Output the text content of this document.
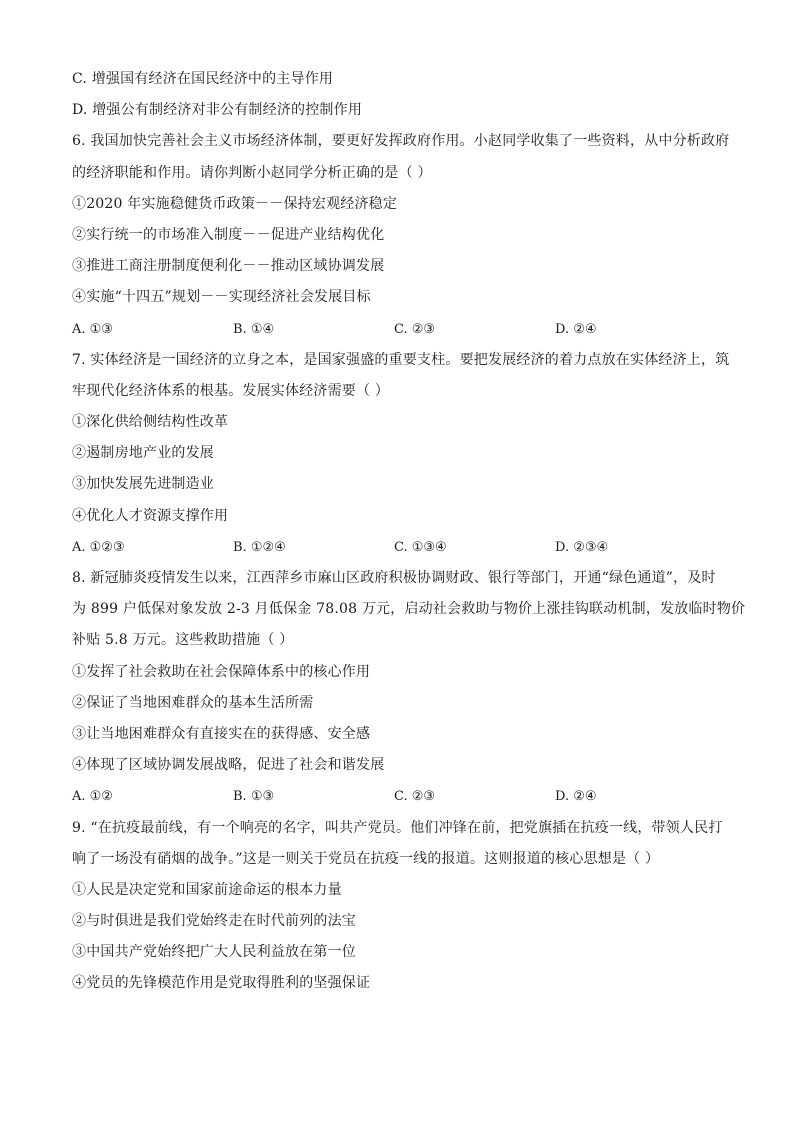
C. 增强国有经济在国民经济中的主导作用
D. 增强公有制经济对非公有制经济的控制作用
6. 我国加快完善社会主义市场经济体制，要更好发挥政府作用。小赵同学收集了一些资料，从中分析政府
的经济职能和作用。请你判断小赵同学分析正确的是（ ）
①2020 年实施稳健货币政策－－保持宏观经济稳定
②实行统一的市场准入制度－－促进产业结构优化
③推进工商注册制度便利化－－推动区域协调发展
④实施“十四五”规划－－实现经济社会发展目标
A. ①③	B. ①④	C. ②③	D. ②④
7. 实体经济是一国经济的立身之本，是国家强盛的重要支柱。要把发展经济的着力点放在实体经济上，筑
牢现代化经济体系的根基。发展实体经济需要（ ）
①深化供给侧结构性改革
②遏制房地产业的发展
③加快发展先进制造业
④优化人才资源支撑作用
A. ①②③	B. ①②④	C. ①③④	D. ②③④
8. 新冠肺炎疫情发生以来，江西萍乡市麻山区政府积极协调财政、银行等部门，开通“绿色通道”，及时
为 899 户低保对象发放 2-3 月低保金 78.08 万元，启动社会救助与物价上涨挂钩联动机制，发放临时物价
补贴 5.8 万元。这些救助措施（ ）
①发挥了社会救助在社会保障体系中的核心作用
②保证了当地困难群众的基本生活所需
③让当地困难群众有直接实在的获得感、安全感
④体现了区域协调发展战略，促进了社会和谐发展
A. ①②	B. ①③	C. ②③	D. ②④
9. “在抗疫最前线，有一个响亮的名字，叫共产党员。他们冲锋在前，把党旗插在抗疫一线，带领人民打
响了一场没有硝烟的战争。”这是一则关于党员在抗疫一线的报道。这则报道的核心思想是（ ）
①人民是决定党和国家前途命运的根本力量
②与时俱进是我们党始终走在时代前列的法宝
③中国共产党始终把广大人民利益放在第一位
④党员的先锋模范作用是党取得胜利的坚强保证
